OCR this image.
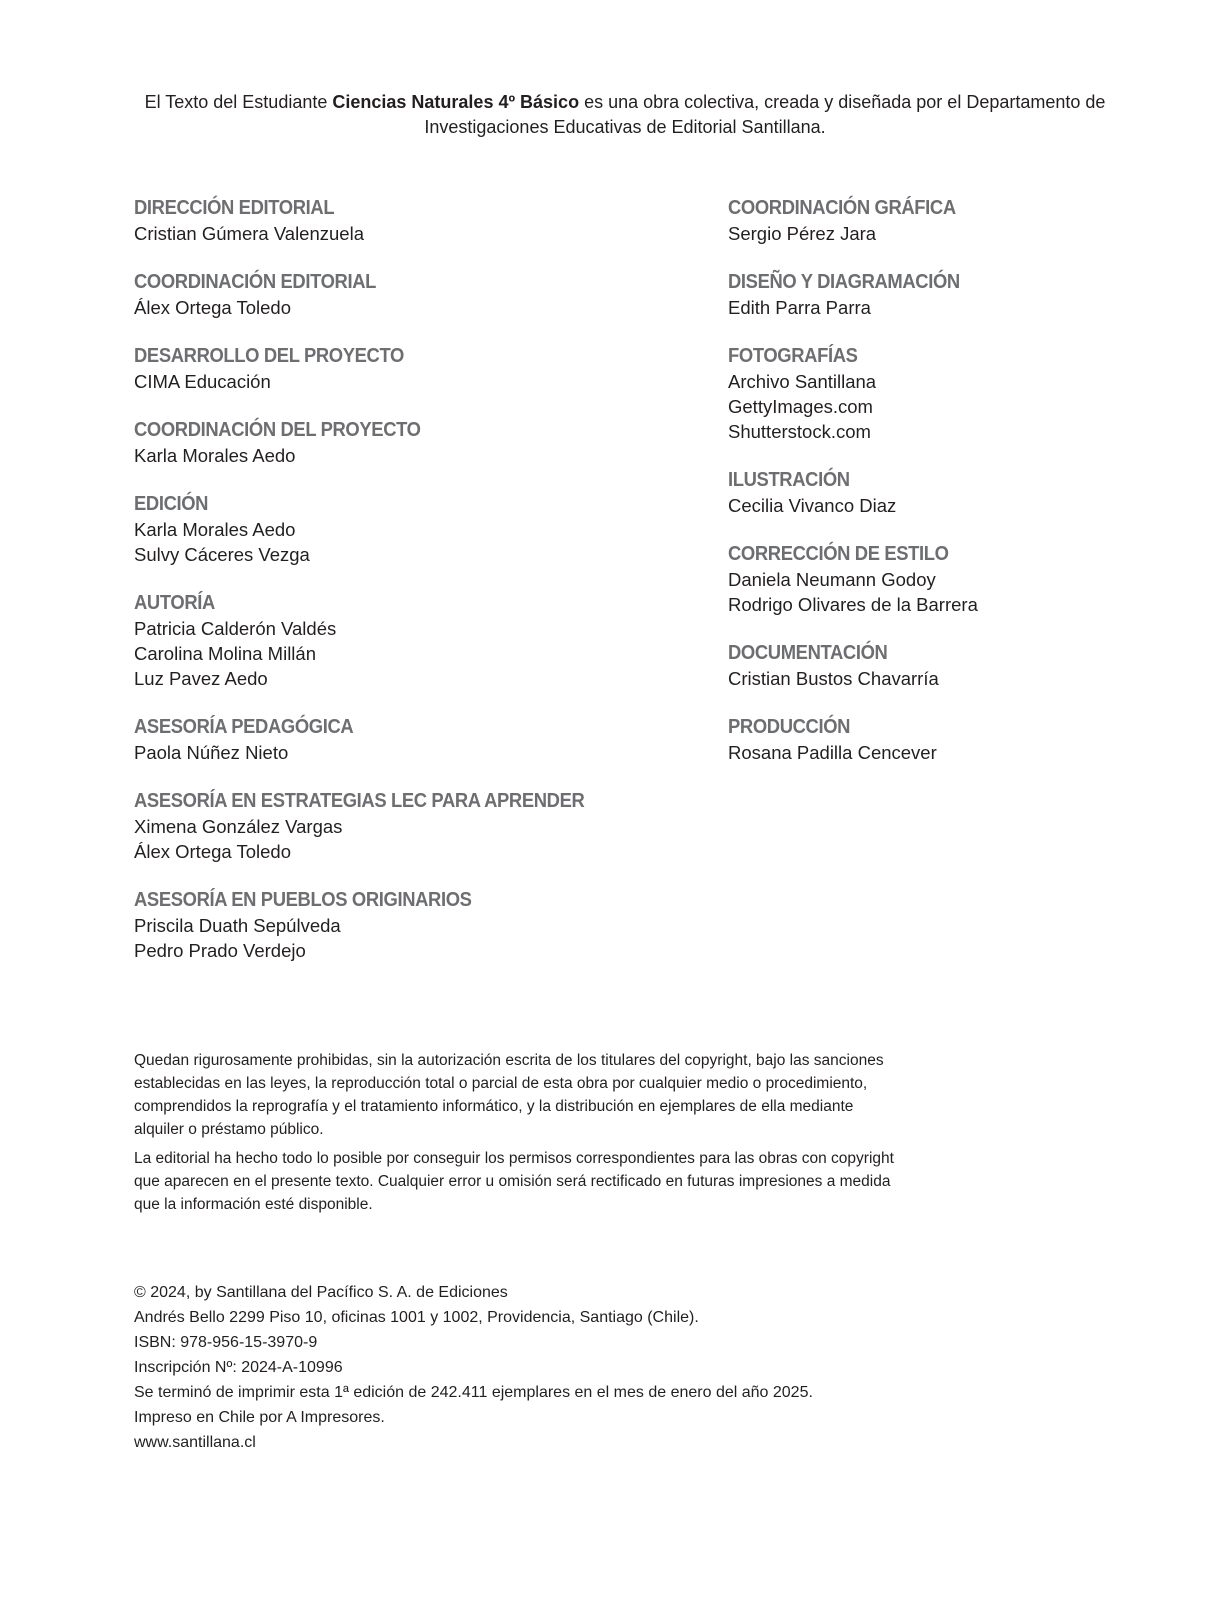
El Texto del Estudiante Ciencias Naturales 4º Básico es una obra colectiva, creada y diseñada por el Departamento de Investigaciones Educativas de Editorial Santillana.
DIRECCIÓN EDITORIAL
Cristian Gúmera Valenzuela
COORDINACIÓN EDITORIAL
Álex Ortega Toledo
DESARROLLO DEL PROYECTO
CIMA Educación
COORDINACIÓN DEL PROYECTO
Karla Morales Aedo
EDICIÓN
Karla Morales Aedo
Sulvy Cáceres Vezga
AUTORÍA
Patricia Calderón Valdés
Carolina Molina Millán
Luz Pavez Aedo
ASESORÍA PEDAGÓGICA
Paola Núñez Nieto
ASESORÍA EN ESTRATEGIAS LEC PARA APRENDER
Ximena González Vargas
Álex Ortega Toledo
ASESORÍA EN PUEBLOS ORIGINARIOS
Priscila Duath Sepúlveda
Pedro Prado Verdejo
COORDINACIÓN GRÁFICA
Sergio Pérez Jara
DISEÑO Y DIAGRAMACIÓN
Edith Parra Parra
FOTOGRAFÍAS
Archivo Santillana
GettyImages.com
Shutterstock.com
ILUSTRACIÓN
Cecilia Vivanco Diaz
CORRECCIÓN DE ESTILO
Daniela Neumann Godoy
Rodrigo Olivares de la Barrera
DOCUMENTACIÓN
Cristian Bustos Chavarría
PRODUCCIÓN
Rosana Padilla Cencever

Quedan rigurosamente prohibidas, sin la autorización escrita de los titulares del copyright, bajo las sanciones establecidas en las leyes, la reproducción total o parcial de esta obra por cualquier medio o procedimiento, comprendidos la reprografía y el tratamiento informático, y la distribución en ejemplares de ella mediante alquiler o préstamo público.

La editorial ha hecho todo lo posible por conseguir los permisos correspondientes para las obras con copyright que aparecen en el presente texto. Cualquier error u omisión será rectificado en futuras impresiones a medida que la información esté disponible.

© 2024, by Santillana del Pacífico S. A. de Ediciones
Andrés Bello 2299 Piso 10, oficinas 1001 y 1002, Providencia, Santiago (Chile).
ISBN: 978-956-15-3970-9
Inscripción Nº: 2024-A-10996
Se terminó de imprimir esta 1ª edición de 242.411 ejemplares en el mes de enero del año 2025.
Impreso en Chile por A Impresores.
www.santillana.cl
